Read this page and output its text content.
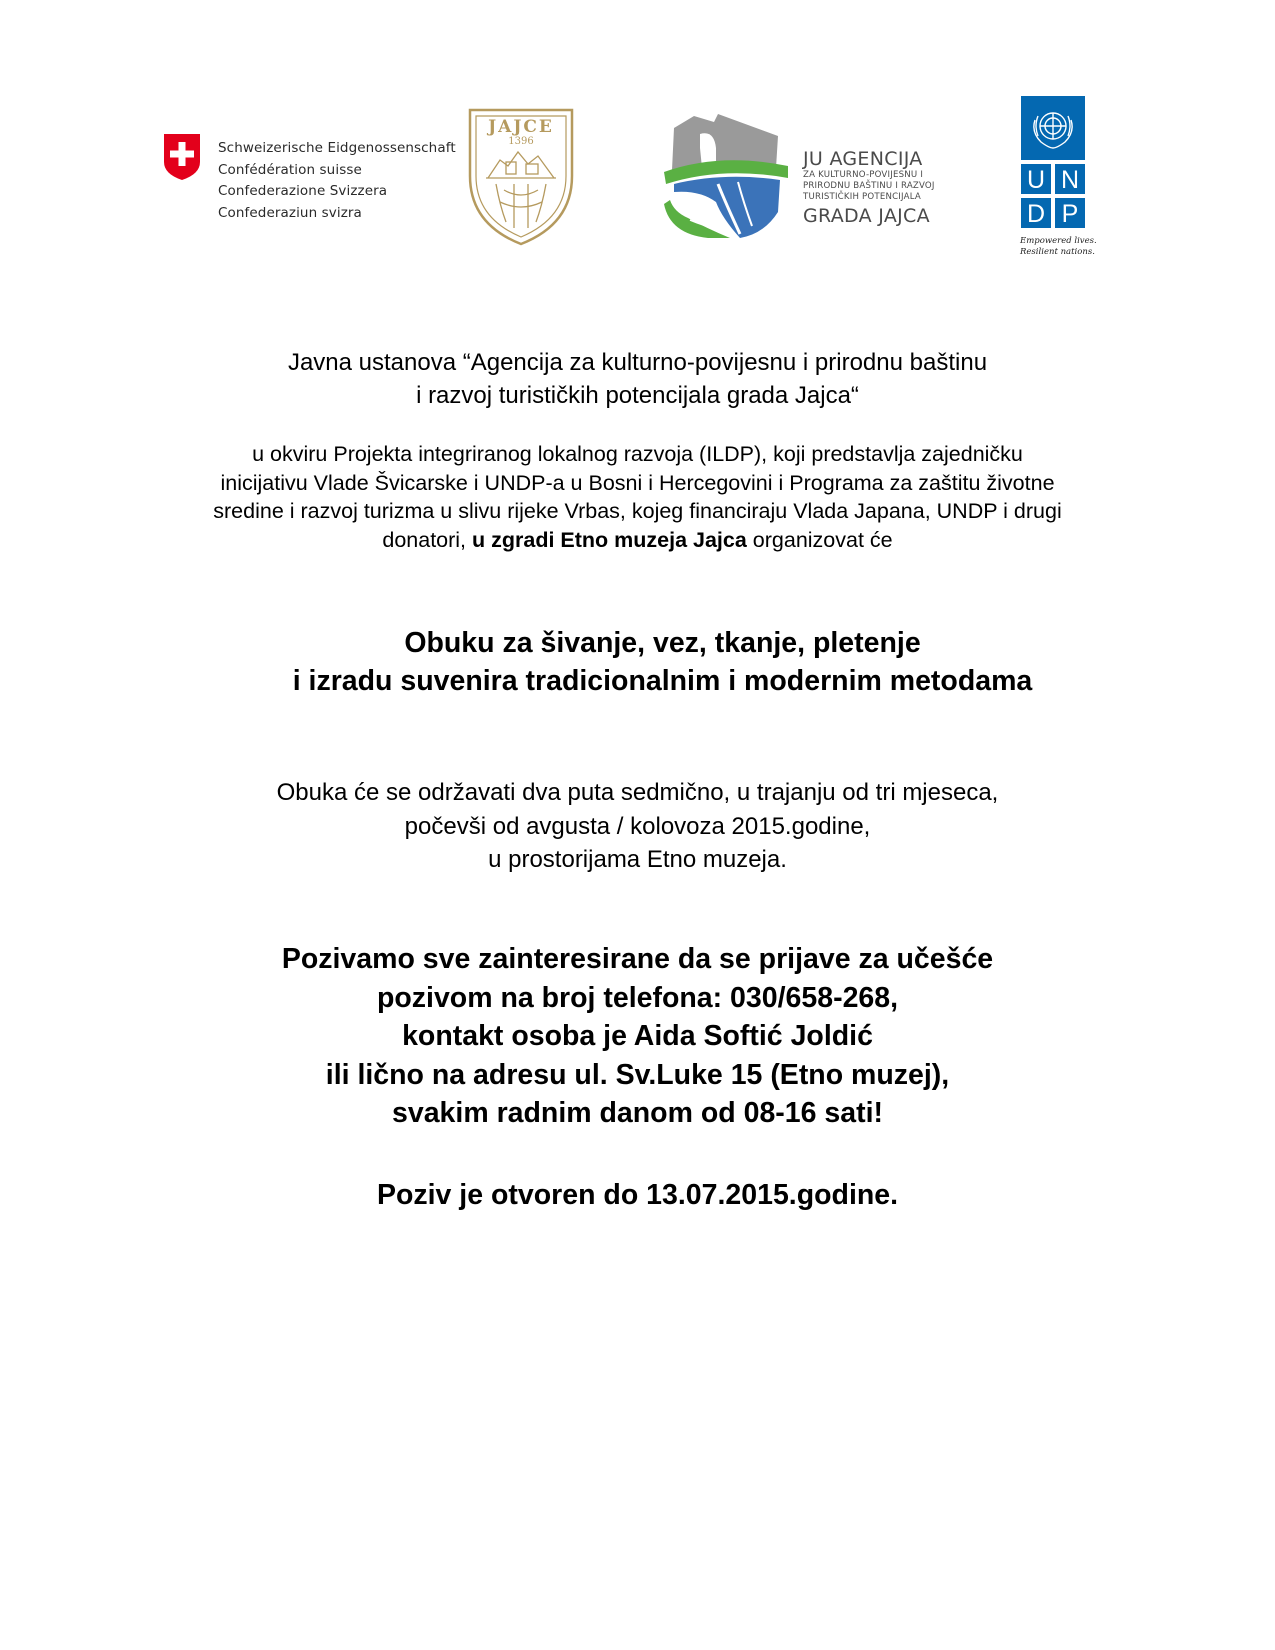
Schweizerische Eidgenossenschaft
Confédération suisse
Confederazione Svizzera
Confederaziun svizra
JAJCE
1396
JU AGENCIJA
ZA KULTURNO-POVIJESNU I
PRIRODNU BAŠTINU I RAZVOJ
TURISTIČKIH POTENCIJALA
GRADA JAJCA
U N
D P
Empowered lives.
Resilient nations.
Javna ustanova “Agencija za kulturno-povijesnu i prirodnu baštinu
i razvoj turističkih potencijala grada Jajca“
u okviru Projekta integriranog lokalnog razvoja (ILDP), koji predstavlja zajedničku
inicijativu Vlade Švicarske i UNDP-a u Bosni i Hercegovini i Programa za zaštitu životne
sredine i razvoj turizma u slivu rijeke Vrbas, kojeg financiraju Vlada Japana, UNDP i drugi
donatori, u zgradi Etno muzeja Jajca organizovat će
Obuku za šivanje, vez, tkanje, pletenje
i izradu suvenira tradicionalnim i modernim metodama
Obuka će se održavati dva puta sedmično, u trajanju od tri mjeseca,
počevši od avgusta / kolovoza 2015.godine,
u prostorijama Etno muzeja.
Pozivamo sve zainteresirane da se prijave za učešće
pozivom na broj telefona: 030/658-268,
kontakt osoba je Aida Softić Joldić
ili lično na adresu ul. Sv.Luke 15 (Etno muzej),
svakim radnim danom od 08-16 sati!
Poziv je otvoren do 13.07.2015.godine.
